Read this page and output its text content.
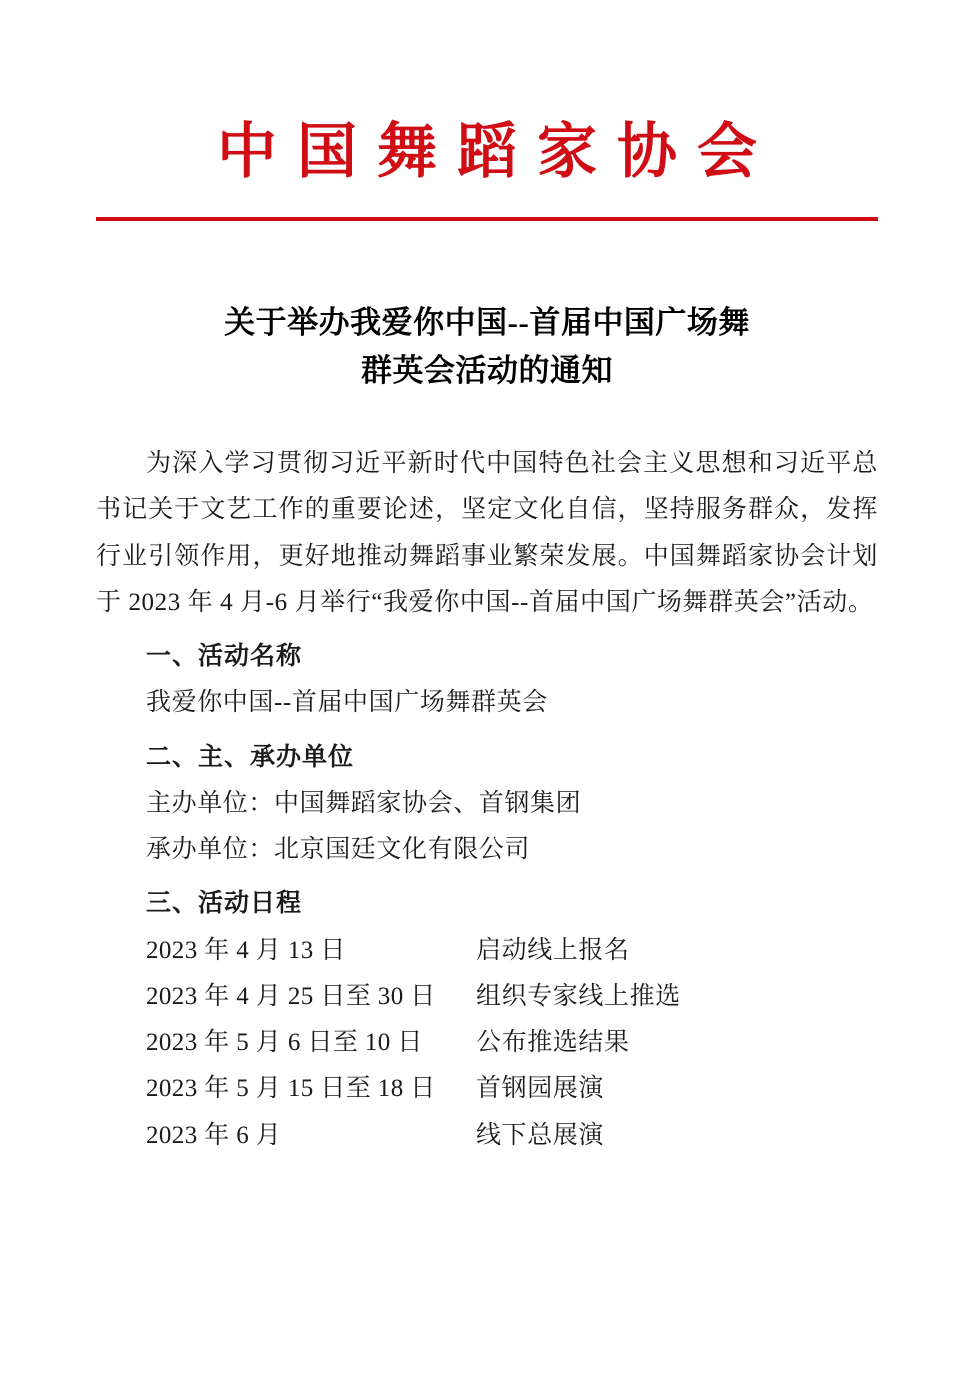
中国舞蹈家协会
关于举办我爱你中国--首届中国广场舞
群英会活动的通知

为深入学习贯彻习近平新时代中国特色社会主义思想和习近平总书记关于文艺工作的重要论述，坚定文化自信，坚持服务群众，发挥行业引领作用，更好地推动舞蹈事业繁荣发展。中国舞蹈家协会计划于 2023 年 4 月-6 月举行“我爱你中国--首届中国广场舞群英会”活动。

一、活动名称

我爱你中国--首届中国广场舞群英会

二、主、承办单位

主办单位：中国舞蹈家协会、首钢集团

承办单位：北京国廷文化有限公司

三、活动日程

2023 年 4 月 13 日	启动线上报名
2023 年 4 月 25 日至 30 日	组织专家线上推选
2023 年 5 月 6 日至 10 日	公布推选结果
2023 年 5 月 15 日至 18 日	首钢园展演
2023 年 6 月	线下总展演
